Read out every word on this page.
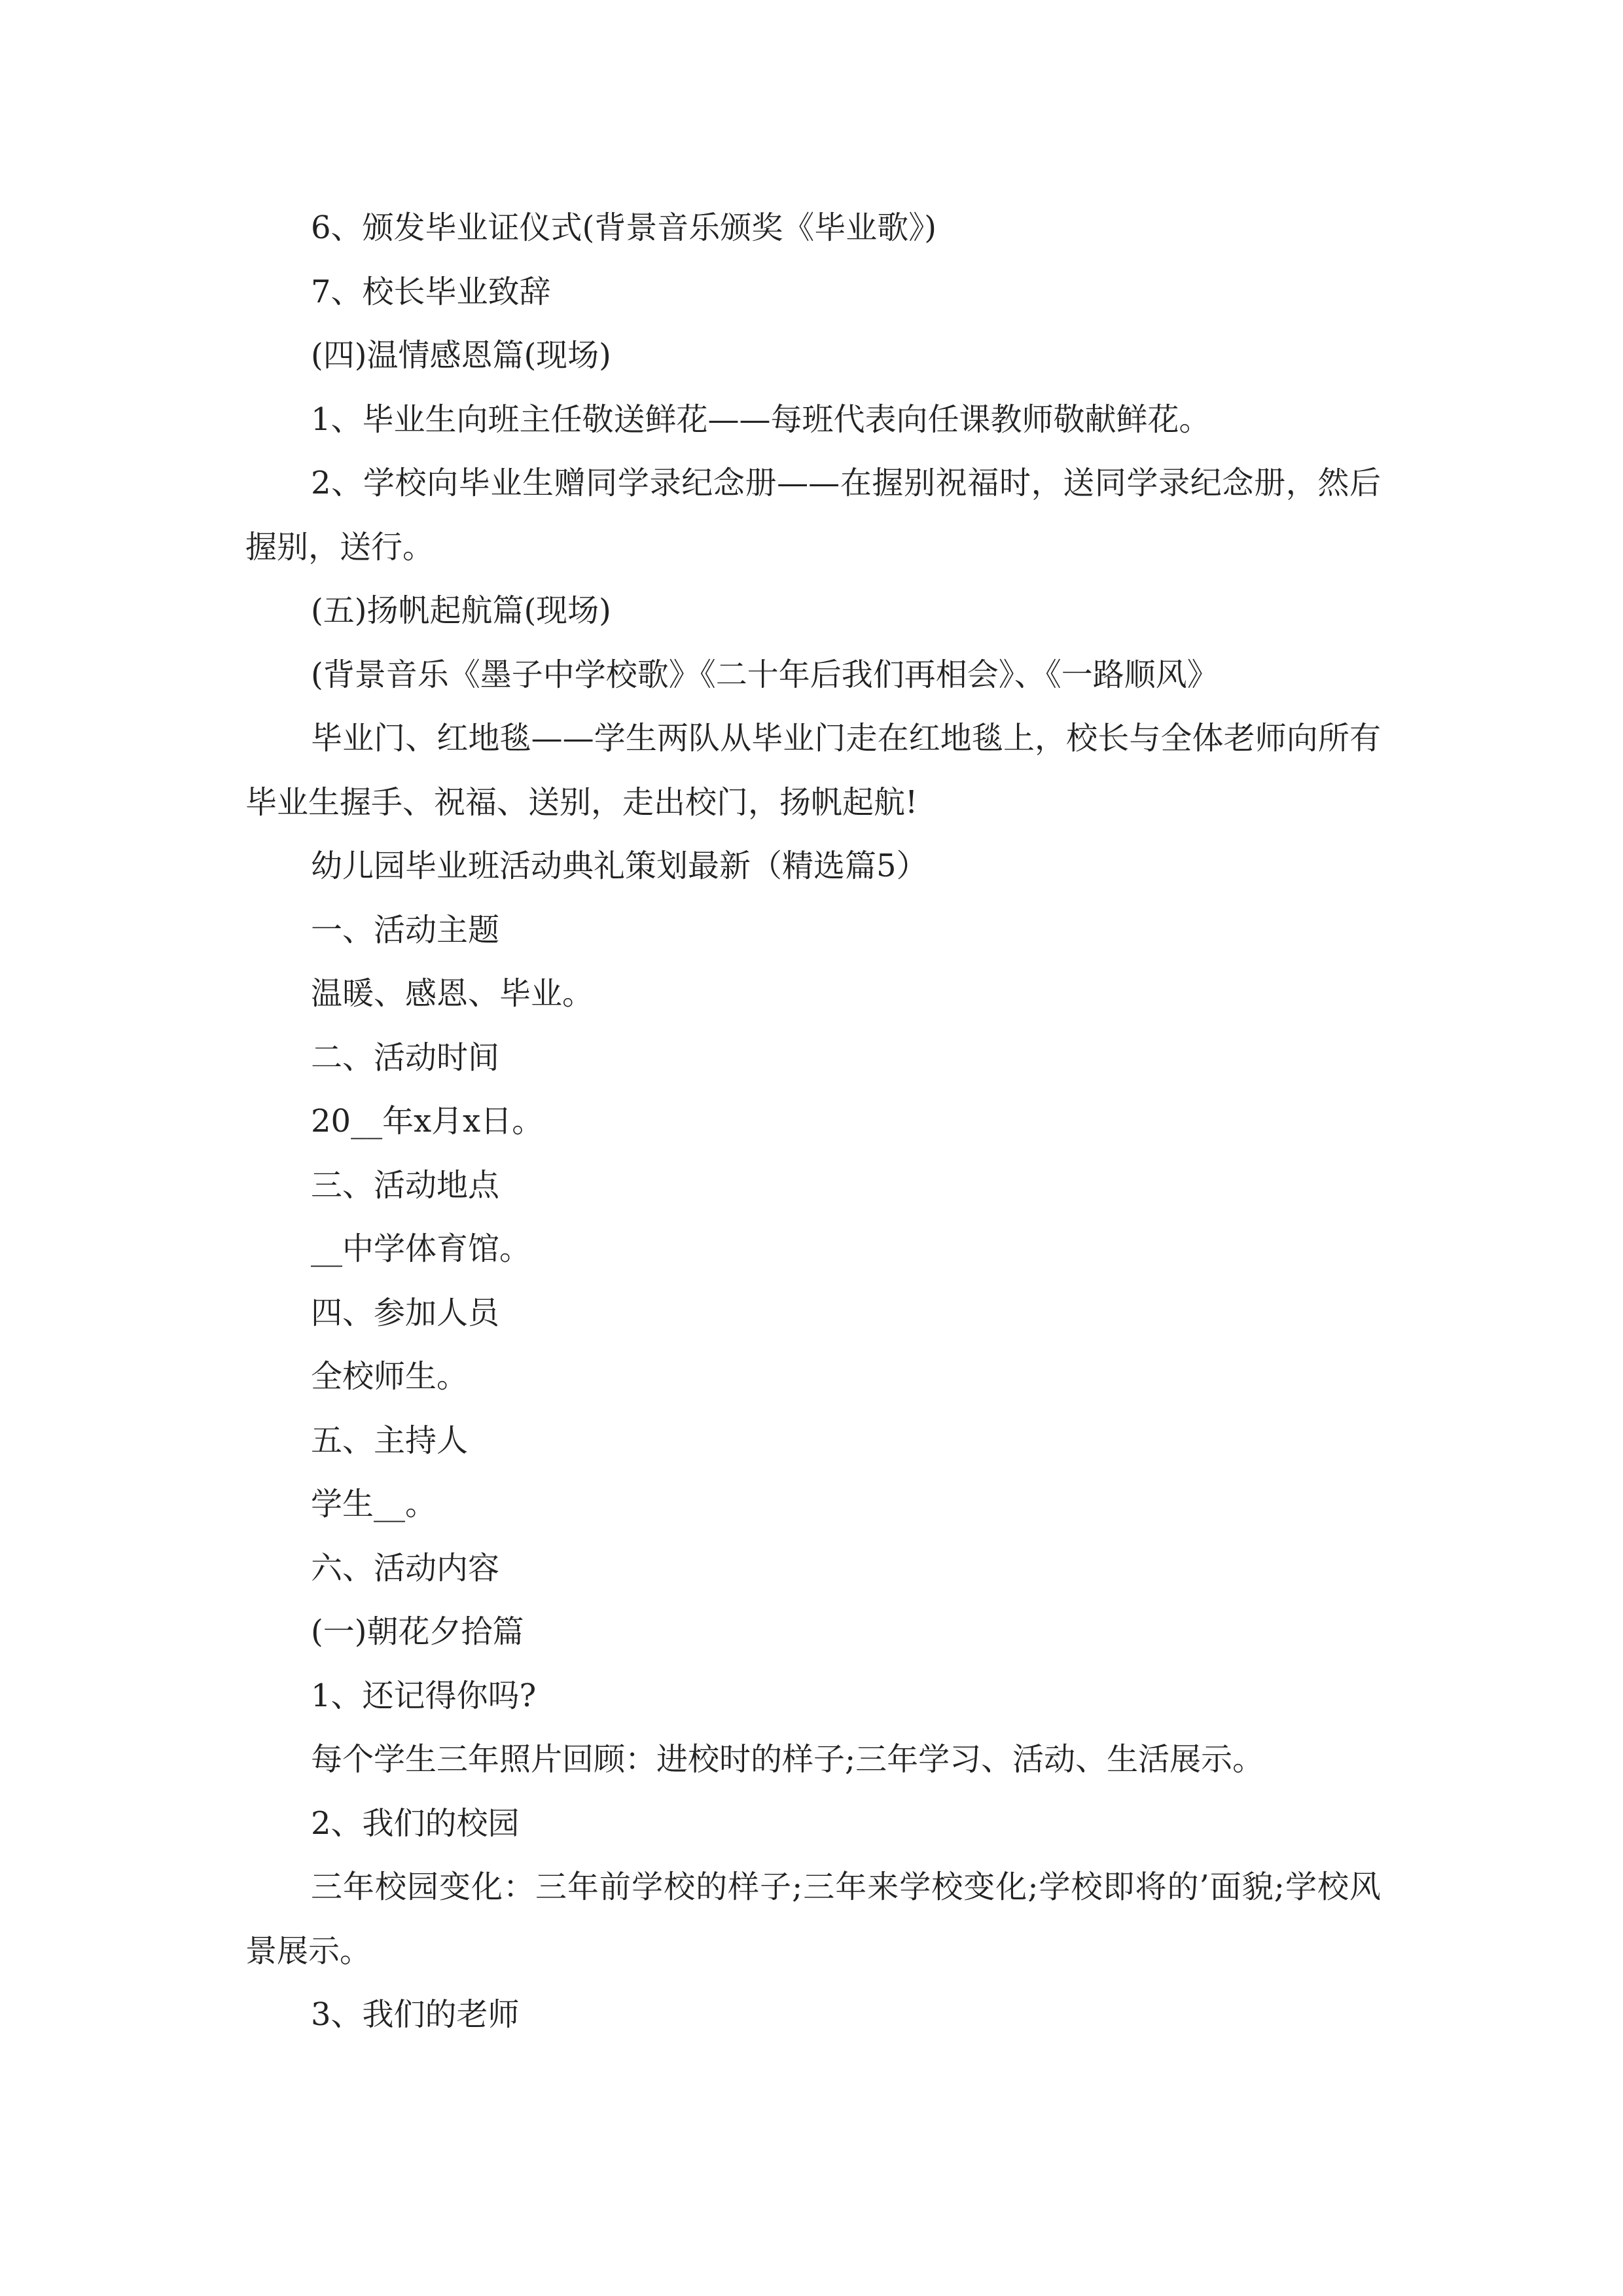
6、颁发毕业证仪式(背景音乐颁奖《毕业歌》)

7、校长毕业致辞

(四)温情感恩篇(现场)

1、毕业生向班主任敬送鲜花——每班代表向任课教师敬献鲜花。

2、学校向毕业生赠同学录纪念册——在握别祝福时，送同学录纪念册，然后握别，送行。

(五)扬帆起航篇(现场)

(背景音乐《墨子中学校歌》《二十年后我们再相会》、《一路顺风》

毕业门、红地毯——学生两队从毕业门走在红地毯上，校长与全体老师向所有毕业生握手、祝福、送别，走出校门，扬帆起航!

幼儿园毕业班活动典礼策划最新（精选篇5）

一、活动主题

温暖、感恩、毕业。

二、活动时间

20__年x月x日。

三、活动地点

__中学体育馆。

四、参加人员

全校师生。

五、主持人

学生__。

六、活动内容

(一)朝花夕拾篇

1、还记得你吗?

每个学生三年照片回顾：进校时的样子;三年学习、活动、生活展示。

2、我们的校园

三年校园变化：三年前学校的样子;三年来学校变化;学校即将的’面貌;学校风景展示。

3、我们的老师
